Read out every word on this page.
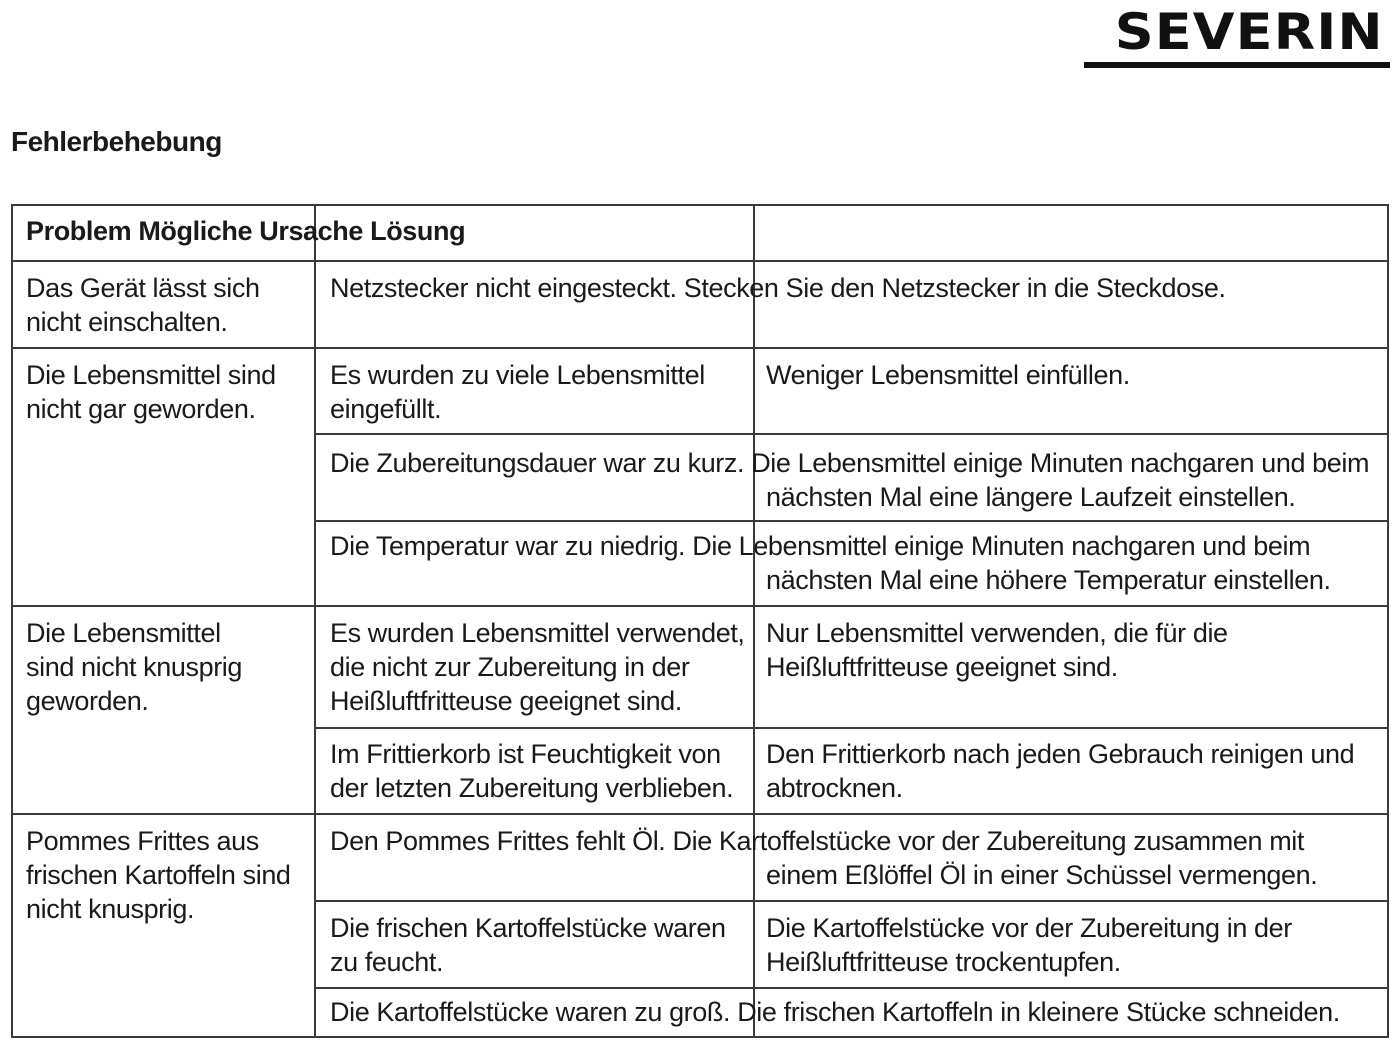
SEVERIN
Fehlerbehebung
Problem Mögliche Ursache Lösung
Das Gerät lässt sich
nicht einschalten.
Die Lebensmittel sind
nicht gar geworden.
Die Lebensmittel
sind nicht knusprig
geworden.
Pommes Frittes aus
frischen Kartoffeln sind
nicht knusprig.
Netzstecker nicht eingesteckt. Stecken Sie den Netzstecker in die Steckdose.
Es wurden zu viele Lebensmittel
eingefüllt.
Weniger Lebensmittel einfüllen.
Die Zubereitungsdauer war zu kurz. Die Lebensmittel einige Minuten nachgaren und beim
nächsten Mal eine längere Laufzeit einstellen.
Die Temperatur war zu niedrig. Die Lebensmittel einige Minuten nachgaren und beim
nächsten Mal eine höhere Temperatur einstellen.
Es wurden Lebensmittel verwendet,
die nicht zur Zubereitung in der
Heißluftfritteuse geeignet sind.
Nur Lebensmittel verwenden, die für die
Heißluftfritteuse geeignet sind.
Im Frittierkorb ist Feuchtigkeit von
der letzten Zubereitung verblieben.
Den Frittierkorb nach jeden Gebrauch reinigen und
abtrocknen.
Den Pommes Frittes fehlt Öl. Die Kartoffelstücke vor der Zubereitung zusammen mit
einem Eßlöffel Öl in einer Schüssel vermengen.
Die frischen Kartoffelstücke waren
zu feucht.
Die Kartoffelstücke vor der Zubereitung in der
Heißluftfritteuse trockentupfen.
Die Kartoffelstücke waren zu groß. Die frischen Kartoffeln in kleinere Stücke schneiden.
